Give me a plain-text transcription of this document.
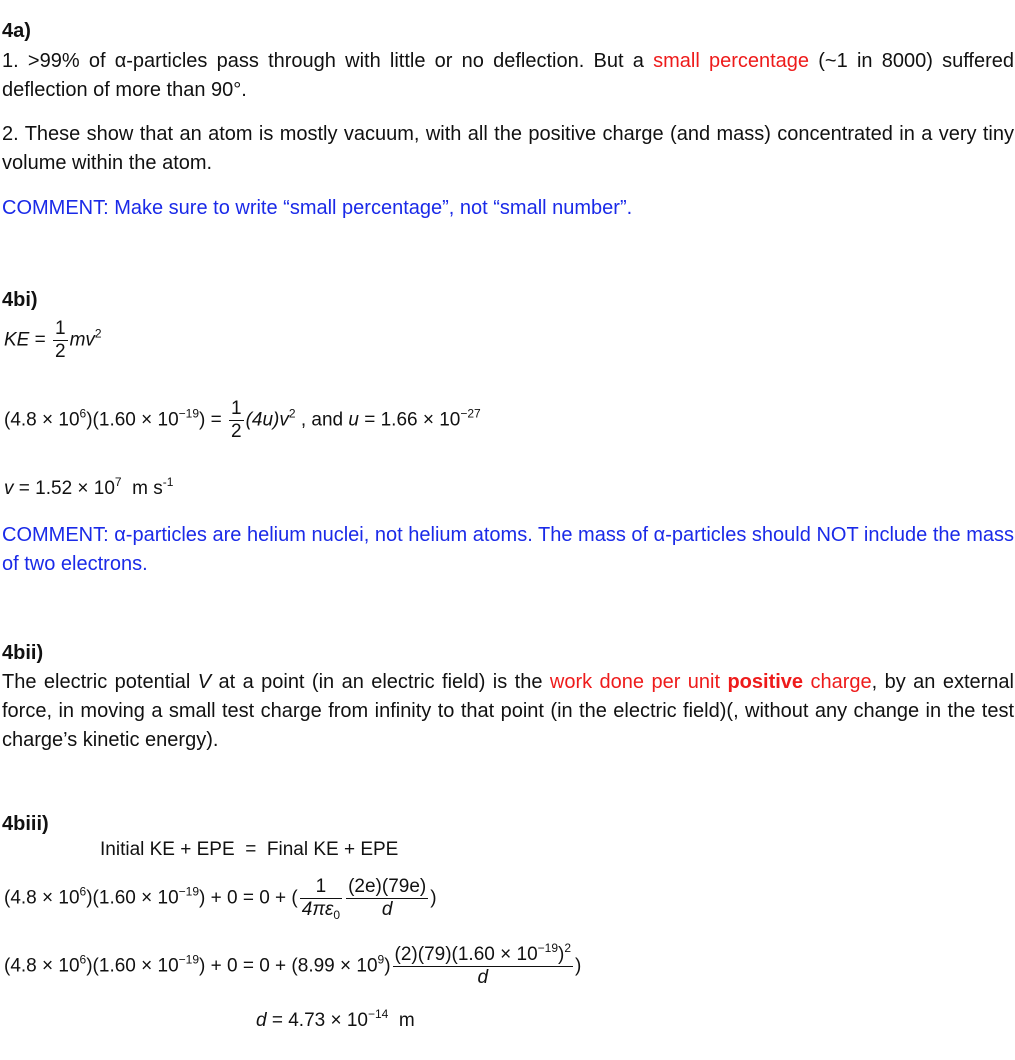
4a)
1. >99% of α-particles pass through with little or no deflection. But a small percentage (~1 in 8000) suffered deflection of more than 90°.
2. These show that an atom is mostly vacuum, with all the positive charge (and mass) concentrated in a very tiny volume within the atom.
COMMENT: Make sure to write “small percentage”, not “small number”.
4bi)
KE = $\frac{1}{2} mv^2$
$(4.8 \times 10^6)(1.60 \times 10^{-19}) = \frac{1}{2} (4u)v^2$ , and $u = 1.66 \times 10^{-27}$
$v = 1.52 \times 10^7$  m $s^{-1}$
COMMENT: α-particles are helium nuclei, not helium atoms. The mass of α-particles should NOT include the mass of two electrons.
4bii)
The electric potential V at a point (in an electric field) is the work done per unit positive charge, by an external force, in moving a small test charge from infinity to that point (in the electric field)(, without any change in the test charge’s kinetic energy).
4biii)
Initial KE + EPE  =  Final KE + EPE
$(4.8 \times 10^6)(1.60 \times 10^{-19}) + 0 = 0$ + ( $\frac{1}{4\pi\varepsilon_0} \frac{(2e)(79e)}{d}$ )
$(4.8 \times 10^6)(1.60 \times 10^{-19}) + 0 = 0 + (8.99 \times 10^9) \frac{(2)(79)(1.60 \times 10^{-19})^2}{d}$ )
$d = 4.73 \times 10^{-14}$  m
